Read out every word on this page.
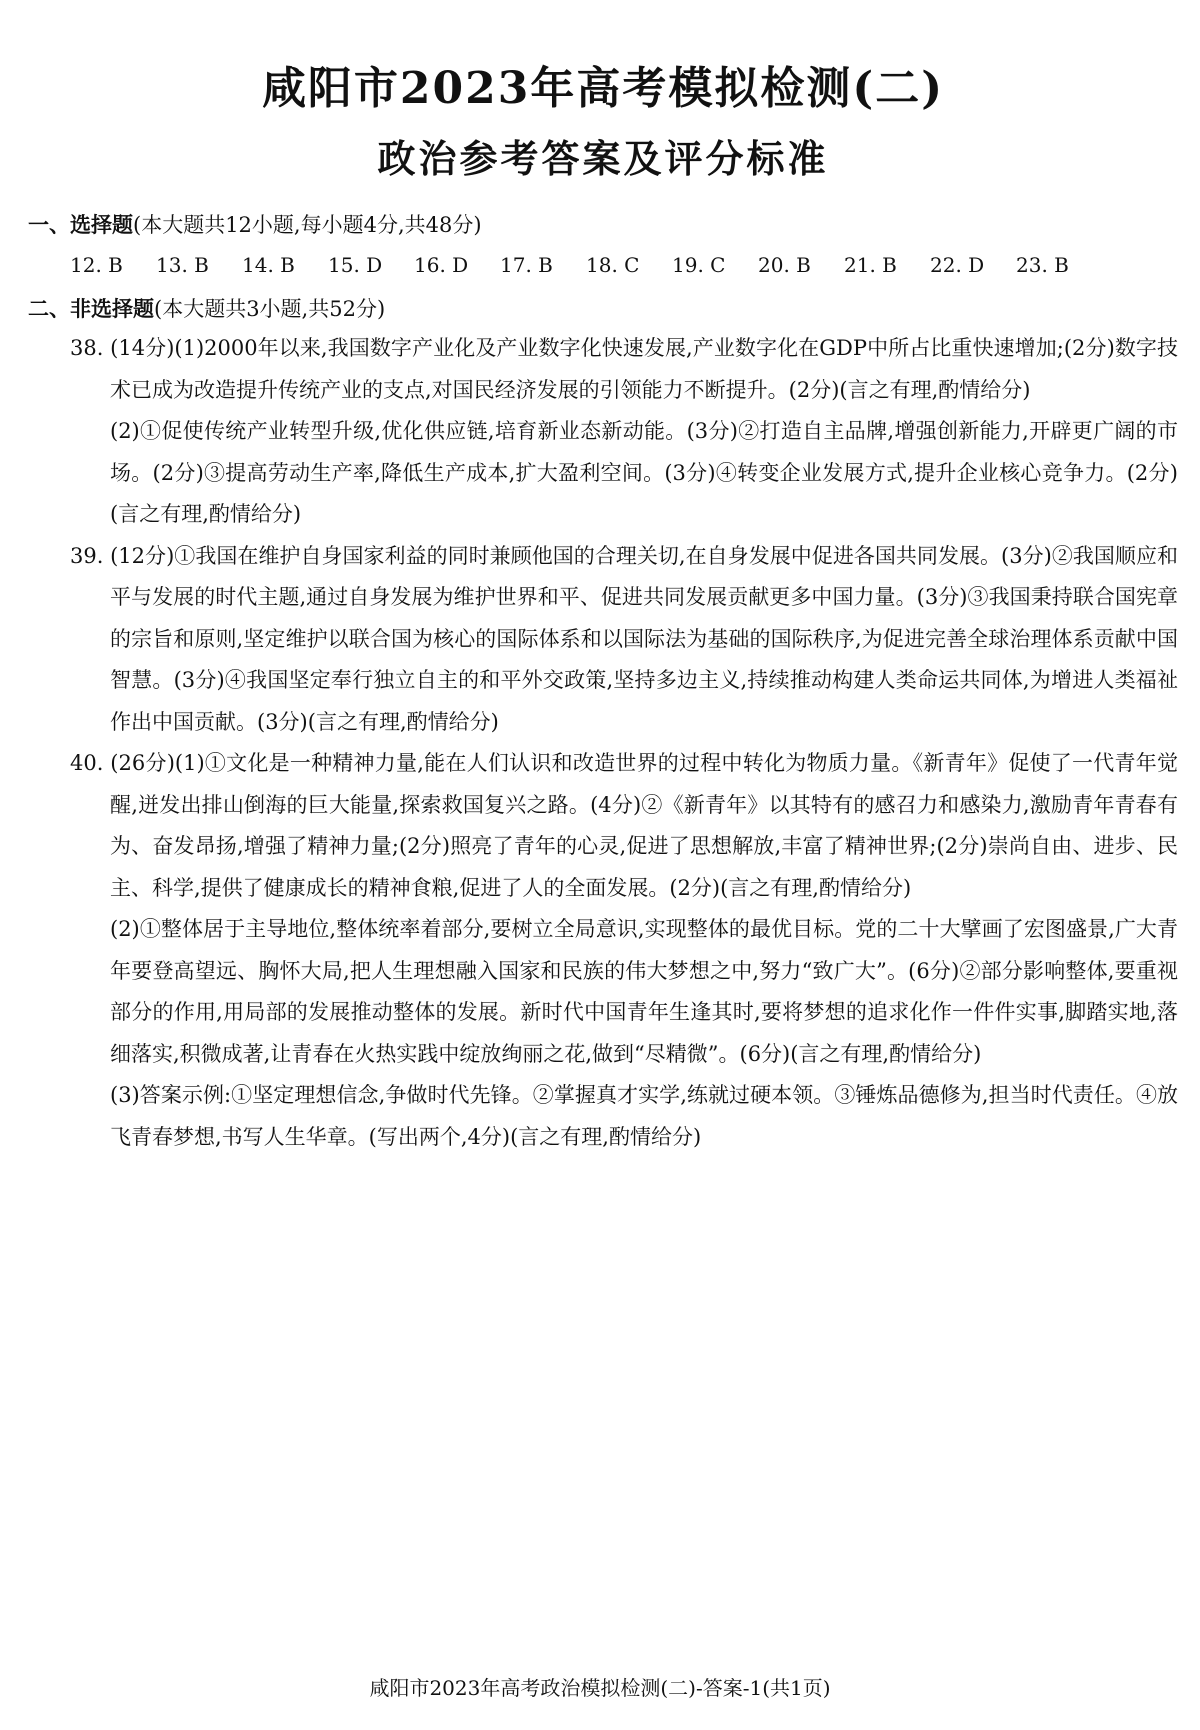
咸阳市2023年高考模拟检测(二)
政治参考答案及评分标准

一、选择题(本大题共12小题,每小题4分,共48分)

12. B	13. B	14. B	15. D	16. D	17. B	18. C	19. C	20. B	21. B	22. D	23. B

二、非选择题(本大题共3小题,共52分)

38. (14分)(1)2000年以来,我国数字产业化及产业数字化快速发展,产业数字化在GDP中所占比重快速增加;(2分)数字技术已成为改造提升传统产业的支点,对国民经济发展的引领能力不断提升。(2分)(言之有理,酌情给分)

(2)①促使传统产业转型升级,优化供应链,培育新业态新动能。(3分)②打造自主品牌,增强创新能力,开辟更广阔的市场。(2分)③提高劳动生产率,降低生产成本,扩大盈利空间。(3分)④转变企业发展方式,提升企业核心竞争力。(2分)(言之有理,酌情给分)

39. (12分)①我国在维护自身国家利益的同时兼顾他国的合理关切,在自身发展中促进各国共同发展。(3分)②我国顺应和平与发展的时代主题,通过自身发展为维护世界和平、促进共同发展贡献更多中国力量。(3分)③我国秉持联合国宪章的宗旨和原则,坚定维护以联合国为核心的国际体系和以国际法为基础的国际秩序,为促进完善全球治理体系贡献中国智慧。(3分)④我国坚定奉行独立自主的和平外交政策,坚持多边主义,持续推动构建人类命运共同体,为增进人类福祉作出中国贡献。(3分)(言之有理,酌情给分)

40. (26分)(1)①文化是一种精神力量,能在人们认识和改造世界的过程中转化为物质力量。《新青年》促使了一代青年觉醒,迸发出排山倒海的巨大能量,探索救国复兴之路。(4分)②《新青年》以其特有的感召力和感染力,激励青年青春有为、奋发昂扬,增强了精神力量;(2分)照亮了青年的心灵,促进了思想解放,丰富了精神世界;(2分)崇尚自由、进步、民主、科学,提供了健康成长的精神食粮,促进了人的全面发展。(2分)(言之有理,酌情给分)

(2)①整体居于主导地位,整体统率着部分,要树立全局意识,实现整体的最优目标。党的二十大擘画了宏图盛景,广大青年要登高望远、胸怀大局,把人生理想融入国家和民族的伟大梦想之中,努力“致广大”。(6分)②部分影响整体,要重视部分的作用,用局部的发展推动整体的发展。新时代中国青年生逢其时,要将梦想的追求化作一件件实事,脚踏实地,落细落实,积微成著,让青春在火热实践中绽放绚丽之花,做到“尽精微”。(6分)(言之有理,酌情给分)

(3)答案示例:①坚定理想信念,争做时代先锋。②掌握真才实学,练就过硬本领。③锤炼品德修为,担当时代责任。④放飞青春梦想,书写人生华章。(写出两个,4分)(言之有理,酌情给分)

咸阳市2023年高考政治模拟检测(二)-答案-1(共1页)
